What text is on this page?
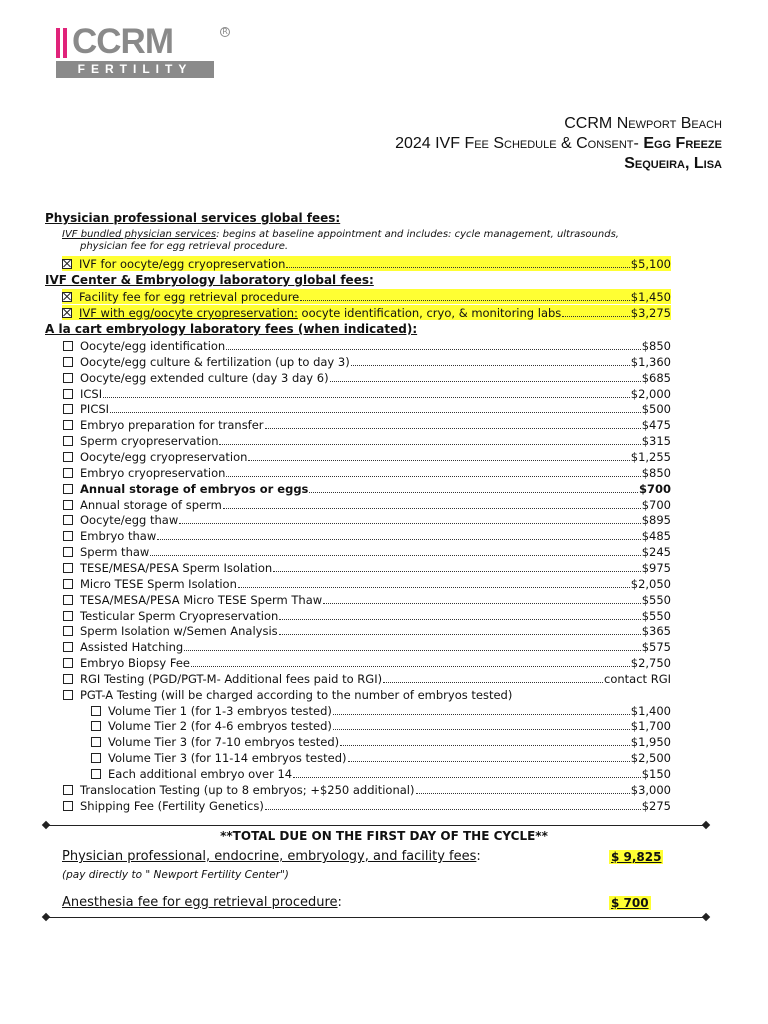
CCRM	R
FERTILITY
CCRM Newport Beach
2024 IVF Fee Schedule & Consent- Egg Freeze
Sequeira, Lisa
Physician professional services global fees:
IVF bundled physician services: begins at baseline appointment and includes: cycle management, ultrasounds,
physician fee for egg retrieval procedure.
IVF for oocyte/egg cryopreservation	$5,100
IVF Center & Embryology laboratory global fees:
Facility fee for egg retrieval procedure	$1,450
IVF with egg/oocyte cryopreservation: oocyte identification, cryo, & monitoring labs	$3,275
A la cart embryology laboratory fees (when indicated):
Oocyte/egg identification	$850
Oocyte/egg culture & fertilization (up to day 3)	$1,360
Oocyte/egg extended culture (day 3 day 6)	$685
ICSI	$2,000
PICSI	$500
Embryo preparation for transfer	$475
Sperm cryopreservation	$315
Oocyte/egg cryopreservation	$1,255
Embryo cryopreservation	$850
Annual storage of embryos or eggs	$700
Annual storage of sperm	$700
Oocyte/egg thaw	$895
Embryo thaw	$485
Sperm thaw	$245
TESE/MESA/PESA Sperm Isolation	$975
Micro TESE Sperm Isolation	$2,050
TESA/MESA/PESA Micro TESE Sperm Thaw	$550
Testicular Sperm Cryopreservation	$550
Sperm Isolation w/Semen Analysis	$365
Assisted Hatching	$575
Embryo Biopsy Fee	$2,750
RGI Testing (PGD/PGT-M- Additional fees paid to RGI)	contact RGI
PGT-A Testing (will be charged according to the number of embryos tested)
Volume Tier 1 (for 1-3 embryos tested)	$1,400
Volume Tier 2 (for 4-6 embryos tested)	$1,700
Volume Tier 3 (for 7-10 embryos tested)	$1,950
Volume Tier 3 (for 11-14 embryos tested)	$2,500
Each additional embryo over 14	$150
Translocation Testing (up to 8 embryos; +$250 additional)	$3,000
Shipping Fee (Fertility Genetics)	$275
**TOTAL DUE ON THE FIRST DAY OF THE CYCLE**
Physician professional, endocrine, embryology, and facility fees:	$ 9,825
(pay directly to " Newport Fertility Center")
Anesthesia fee for egg retrieval procedure:	$ 700
